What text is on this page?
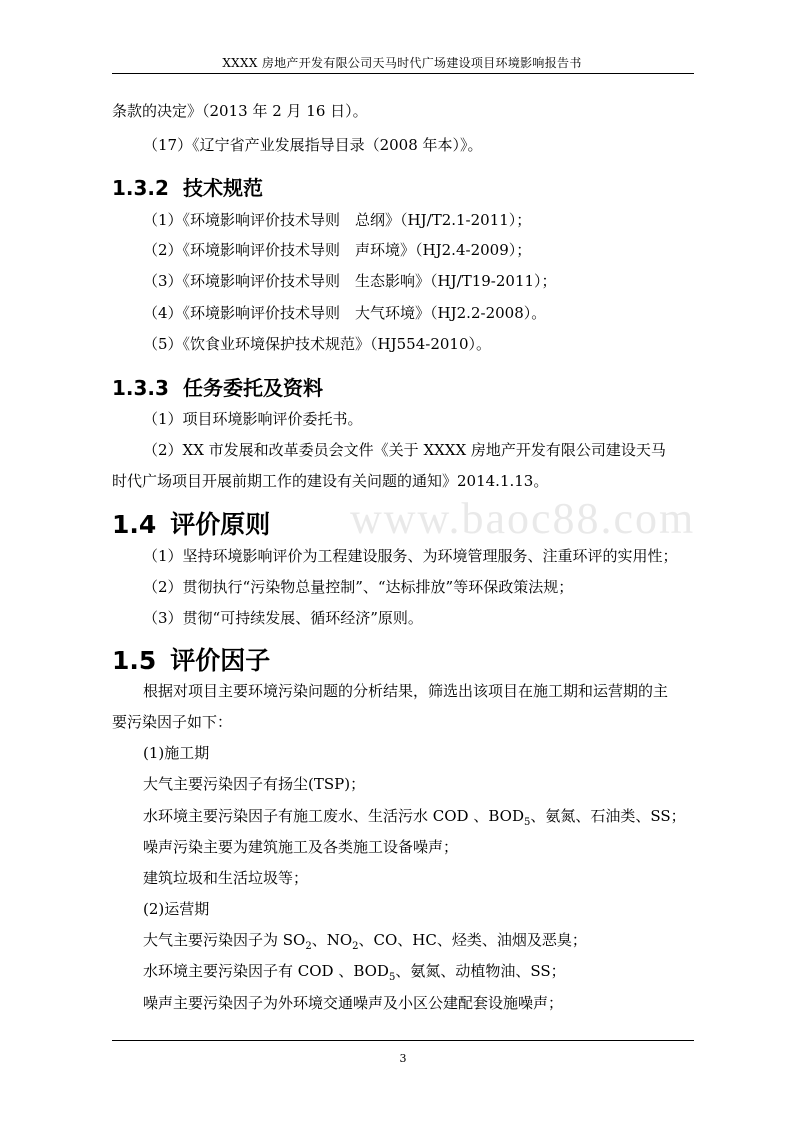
XXXX 房地产开发有限公司天马时代广场建设项目环境影响报告书
www.baoc88.com
条款的决定》（2013 年 2 月 16 日）。
（17）《辽宁省产业发展指导目录（2008 年本）》。
1.3.2 技术规范
（1）《环境影响评价技术导则　总纲》（HJ/T2.1-2011）；
（2）《环境影响评价技术导则　声环境》（HJ2.4-2009）；
（3）《环境影响评价技术导则　生态影响》（HJ/T19-2011）；
（4）《环境影响评价技术导则　大气环境》（HJ2.2-2008）。
（5）《饮食业环境保护技术规范》（HJ554-2010）。
1.3.3 任务委托及资料
（1）项目环境影响评价委托书。
（2）XX 市发展和改革委员会文件《关于 XXXX 房地产开发有限公司建设天马
时代广场项目开展前期工作的建设有关问题的通知》2014.1.13。
1.4 评价原则
（1）坚持环境影响评价为工程建设服务、为环境管理服务、注重环评的实用性；
（2）贯彻执行“污染物总量控制”、“达标排放”等环保政策法规；
（3）贯彻“可持续发展、循环经济”原则。
1.5 评价因子
根据对项目主要环境污染问题的分析结果，筛选出该项目在施工期和运营期的主
要污染因子如下：
(1)施工期
大气主要污染因子有扬尘(TSP)；
水环境主要污染因子有施工废水、生活污水 COD 、$BOD_5$、氨氮、石油类、SS；
噪声污染主要为建筑施工及各类施工设备噪声；
建筑垃圾和生活垃圾等；
(2)运营期
大气主要污染因子为 $SO_2$、$NO_2$、CO、HC、烃类、油烟及恶臭；
水环境主要污染因子有 COD 、$BOD_5$、氨氮、动植物油、SS；
噪声主要污染因子为外环境交通噪声及小区公建配套设施噪声；
3
